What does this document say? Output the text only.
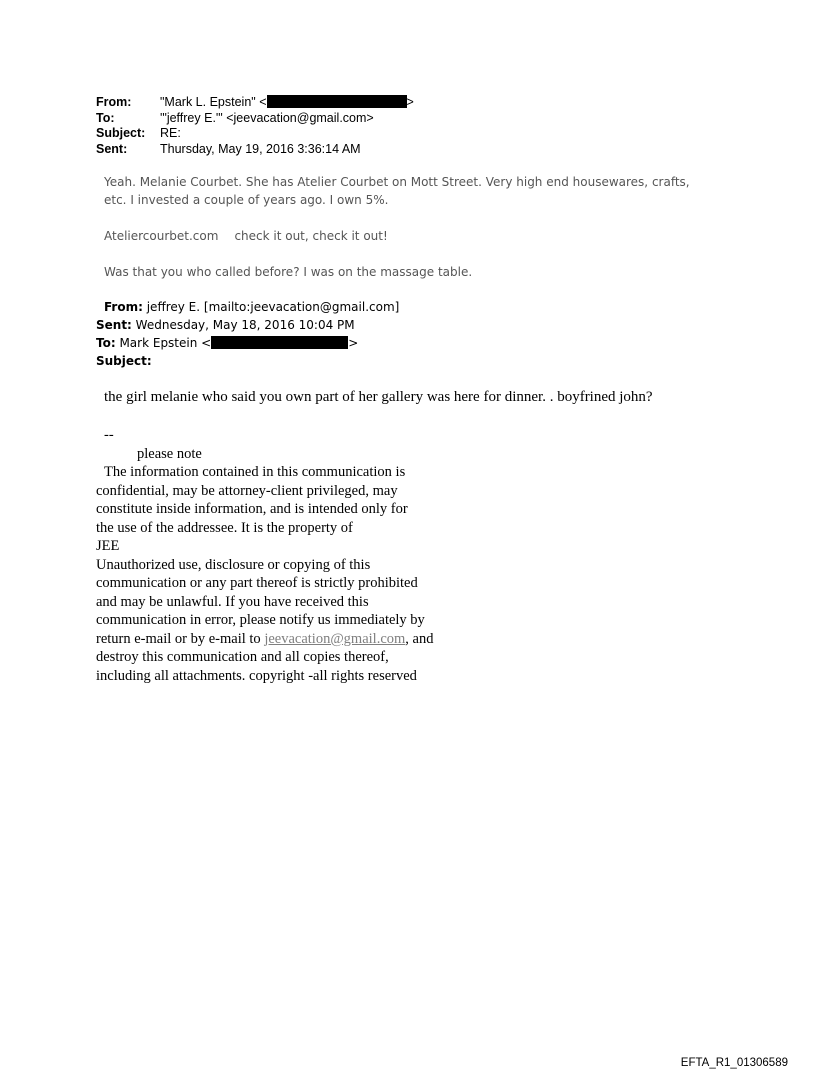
From:	"Mark L. Epstein" <	>
To:	'"jeffrey E.'" <jeevacation@gmail.com>
Subject:	RE:
Sent:	Thursday, May 19, 2016 3:36:14 AM

Yeah. Melanie Courbet. She has Atelier Courbet on Mott Street. Very high end housewares, crafts,
etc. I invested a couple of years ago. I own 5%.

Ateliercourbet.com check it out, check it out!

Was that you who called before? I was on the massage table.

From: jeffrey E. [mailto:jeevacation@gmail.com]
Sent: Wednesday, May 18, 2016 10:04 PM
To: Mark Epstein <	>
Subject:
the girl melanie who said you own part of her gallery was here for dinner. . boyfrined john?
--
please note
The information contained in this communication is
confidential, may be attorney-client privileged, may
constitute inside information, and is intended only for
the use of the addressee. It is the property of
JEE
Unauthorized use, disclosure or copying of this
communication or any part thereof is strictly prohibited
and may be unlawful. If you have received this
communication in error, please notify us immediately by
return e-mail or by e-mail to jeevacation@gmail.com, and
destroy this communication and all copies thereof,
including all attachments. copyright -all rights reserved
EFTA_R1_01306589
